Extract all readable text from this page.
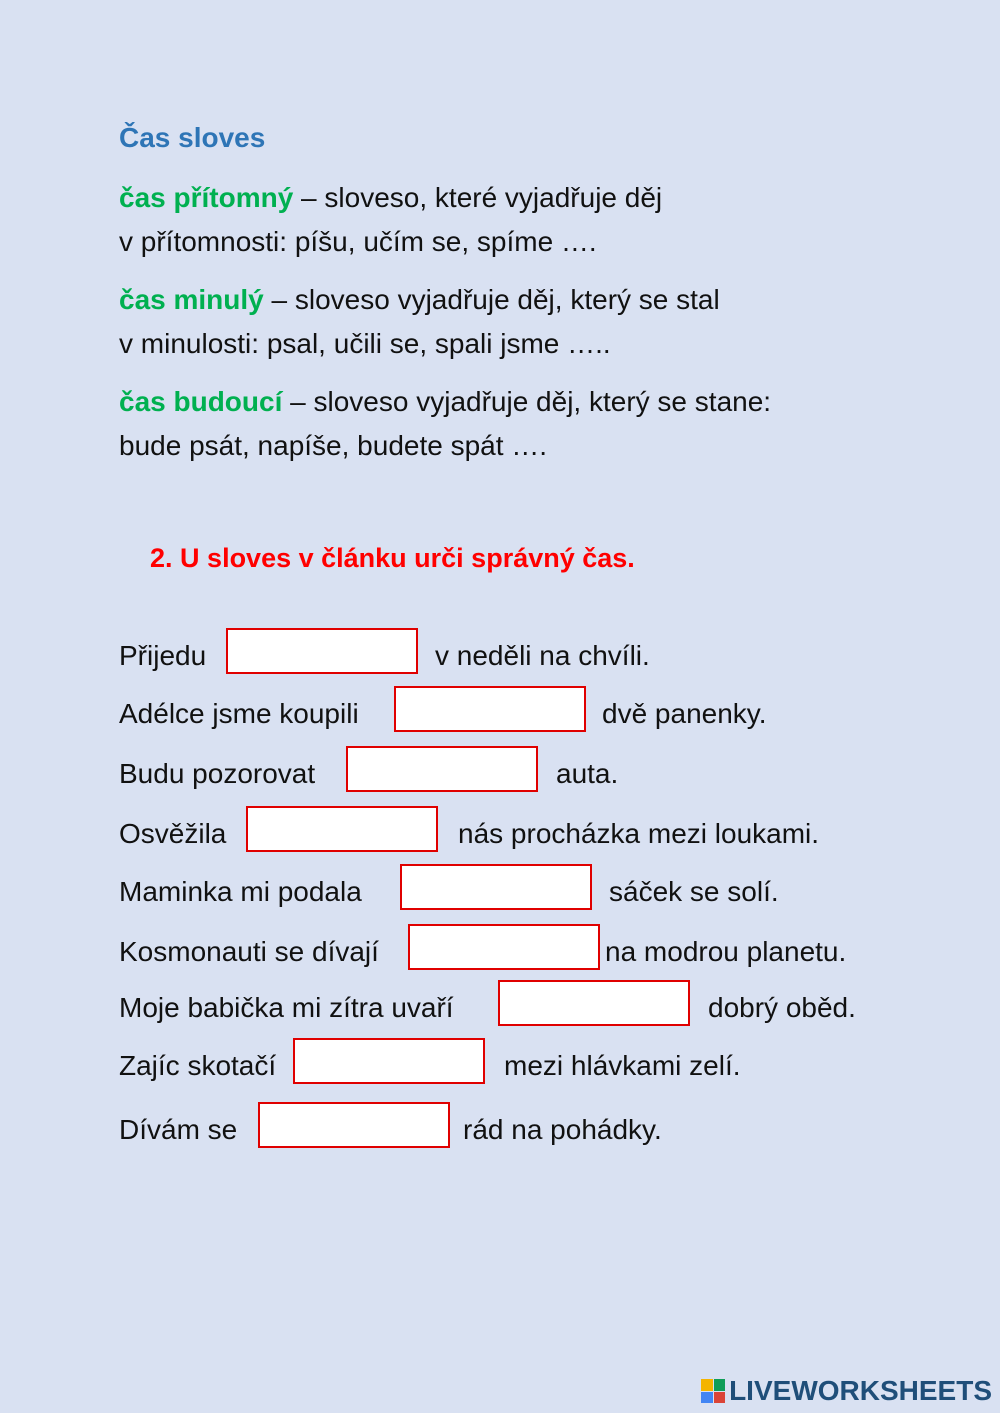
Čas sloves
čas přítomný – sloveso, které vyjadřuje děj
v přítomnosti: píšu, učím se, spíme ….
čas minulý – sloveso vyjadřuje děj, který se stal
v minulosti: psal, učili se, spali jsme …..
čas budoucí – sloveso vyjadřuje děj, který se stane:
bude psát, napíše, budete spát ….
2. U sloves v článku urči správný čas.
Přijedu	v neděli na chvíli.
Adélce jsme koupili	dvě panenky.
Budu pozorovat	auta.
Osvěžila	nás procházka mezi loukami.
Maminka mi podala	sáček se solí.
Kosmonauti se dívají	na modrou planetu.
Moje babička mi zítra uvaří	dobrý oběd.
Zajíc skotačí	mezi hlávkami zelí.
Dívám se	rád na pohádky.
LIVEWORKSHEETS
